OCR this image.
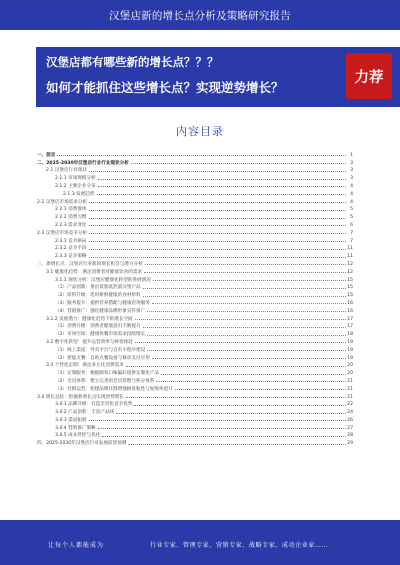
汉堡店新的增长点分析及策略研究报告
汉堡店都有哪些新的增长点？？？
如何才能抓住这些增长点？实现逆势增长？
力荐
内容目录
一、前言	1
二、2025-2030年汉堡店行业行业现状分析	3
2.1 汉堡店行业现状	3
2.1.1 市场规模分析	3
2.1.2 主要企业分布	4
2.1.3 发展趋势	4
2.2 汉堡店市场需求分析	4
2.2.1 消费群体	5
2.2.2 消费习惯	5
2.2.3 需求变化	6
2.3 汉堡店市场竞争分析	7
2.3.1 竞争格局	7
2.3.2 竞争手段	11
2.3.3 竞争策略	11
三、新增长点：汉堡店行业新的增长机会与潜力分析	12
3.1 健康化趋势：满足消费者对健康饮食的需求	12
3.1.1 现状分析：汉堡店健康化转型的进展情况	15
（1）产品创新：推出低脂低热量汉堡产品	15
（2）原料升级：选用新鲜健康的食材原料	15
（3）服务提升：提供营养搭配与健康咨询服务	16
（4）营销推广：强化健康品牌形象宣传推广	16
3.1.2 发展潜力：健康化趋势下的增长空间	17
（1）消费升级：消费者健康意识不断提升	17
（2）市场空间：健康快餐市场需求持续增长	18
3.2 数字化转型：提升运营效率与顾客体验	19
（1）线上渠道：外卖平台与自有小程序建设	19
（2）智能点餐：自助点餐设备与移动支付应用	19
3.3 个性化定制：满足多元化消费需求	20
（1）定制服务：根据顾客口味偏好提供定制化产品	20
（2）会员体系：建立完善的会员管理与积分体系	21
（3）社群运营：构建品牌社群增强顾客粘性与复购率提升	21
3.4 增长总结：把握新增长点实现逆势增长	21
3.4.1 品牌升级：打造差异化竞争优势	22
3.4.2 产品创新：丰富产品线	24
3.4.3 渠道拓展	26
3.4.4 营销推广策略	27
3.4.5 成本管控与优化	28
四、2025-2030年汉堡店行业发展前景预测	29
让每个人都能成为	行业专家、管理专家、营销专家、战略专家、成功企业家……
